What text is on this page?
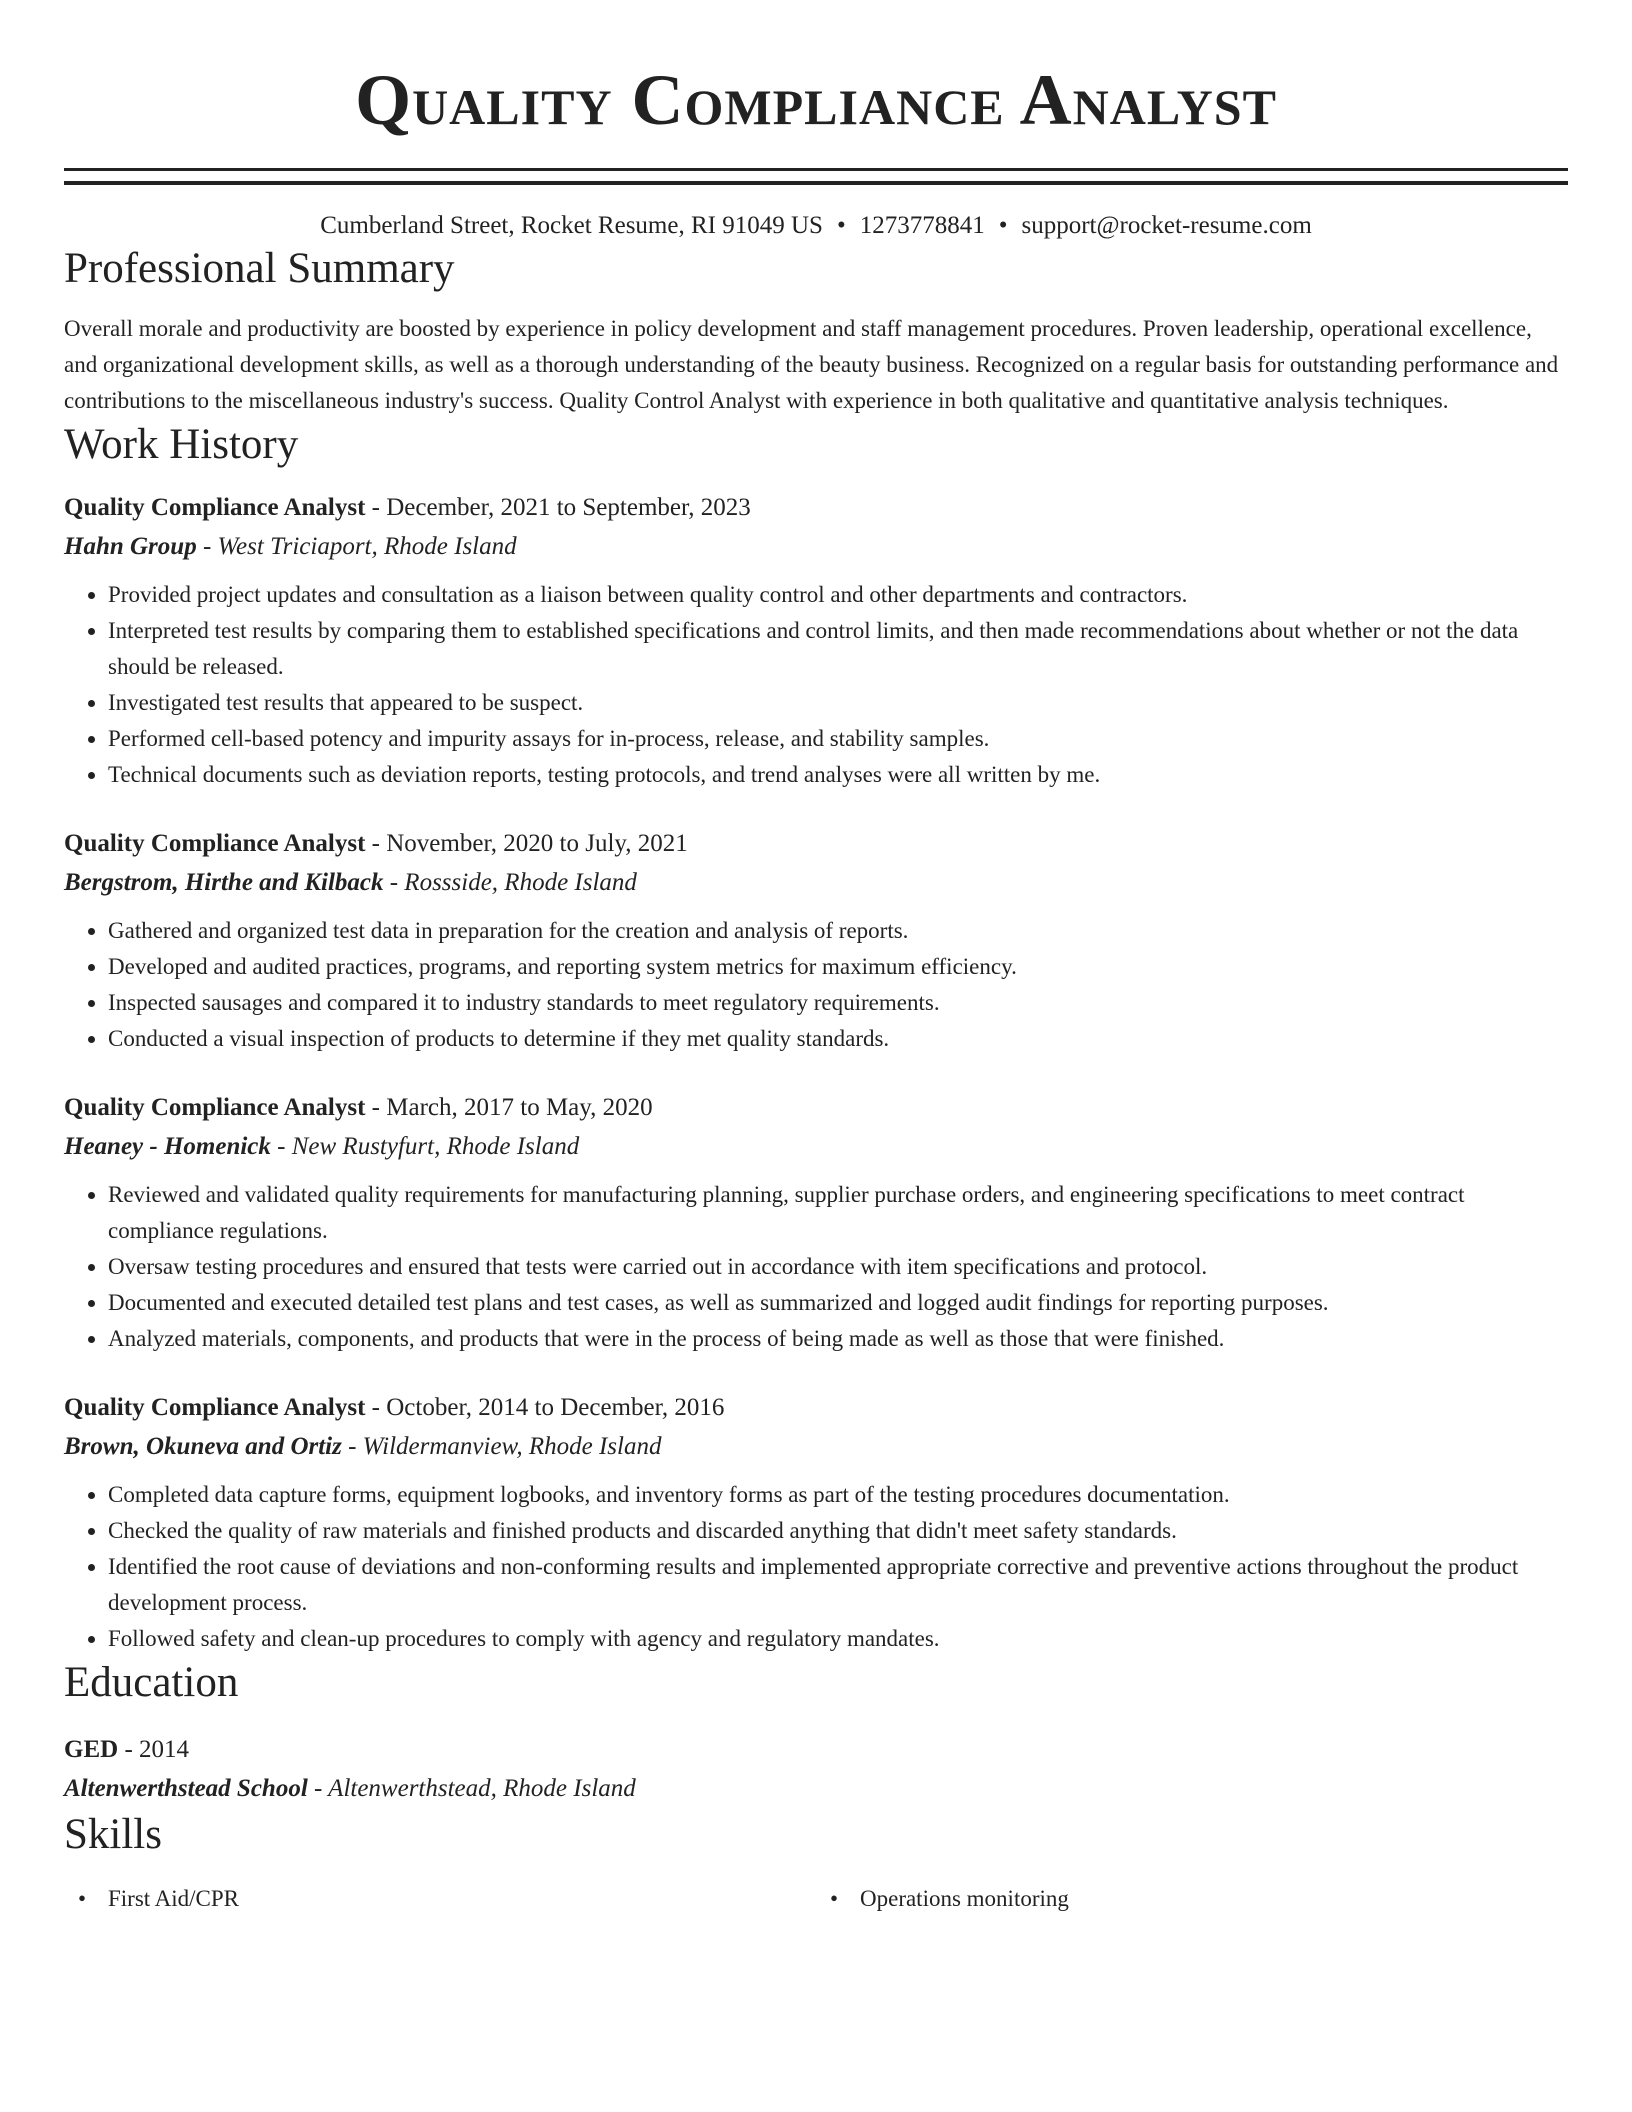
Quality Compliance Analyst
Cumberland Street, Rocket Resume, RI 91049 US • 1273778841 • support@rocket-resume.com
Professional Summary

Overall morale and productivity are boosted by experience in policy development and staff management procedures. Proven leadership, operational excellence, and organizational development skills, as well as a thorough understanding of the beauty business. Recognized on a regular basis for outstanding performance and contributions to the miscellaneous industry's success. Quality Control Analyst with experience in both qualitative and quantitative analysis techniques.

Work History
Quality Compliance Analyst - December, 2021 to September, 2023
Hahn Group - West Triciaport, Rhode Island
• Provided project updates and consultation as a liaison between quality control and other departments and contractors.
• Interpreted test results by comparing them to established specifications and control limits, and then made recommendations about whether or not the data should be released.
• Investigated test results that appeared to be suspect.
• Performed cell-based potency and impurity assays for in-process, release, and stability samples.
• Technical documents such as deviation reports, testing protocols, and trend analyses were all written by me.
Quality Compliance Analyst - November, 2020 to July, 2021
Bergstrom, Hirthe and Kilback - Rossside, Rhode Island
• Gathered and organized test data in preparation for the creation and analysis of reports.
• Developed and audited practices, programs, and reporting system metrics for maximum efficiency.
• Inspected sausages and compared it to industry standards to meet regulatory requirements.
• Conducted a visual inspection of products to determine if they met quality standards.
Quality Compliance Analyst - March, 2017 to May, 2020
Heaney - Homenick - New Rustyfurt, Rhode Island
• Reviewed and validated quality requirements for manufacturing planning, supplier purchase orders, and engineering specifications to meet contract compliance regulations.
• Oversaw testing procedures and ensured that tests were carried out in accordance with item specifications and protocol.
• Documented and executed detailed test plans and test cases, as well as summarized and logged audit findings for reporting purposes.
• Analyzed materials, components, and products that were in the process of being made as well as those that were finished.
Quality Compliance Analyst - October, 2014 to December, 2016
Brown, Okuneva and Ortiz - Wildermanview, Rhode Island
• Completed data capture forms, equipment logbooks, and inventory forms as part of the testing procedures documentation.
• Checked the quality of raw materials and finished products and discarded anything that didn't meet safety standards.
• Identified the root cause of deviations and non-conforming results and implemented appropriate corrective and preventive actions throughout the product development process.
• Followed safety and clean-up procedures to comply with agency and regulatory mandates.
Education
GED - 2014
Altenwerthstead School - Altenwerthstead, Rhode Island
Skills
• First Aid/CPR
•	Operations monitoring
